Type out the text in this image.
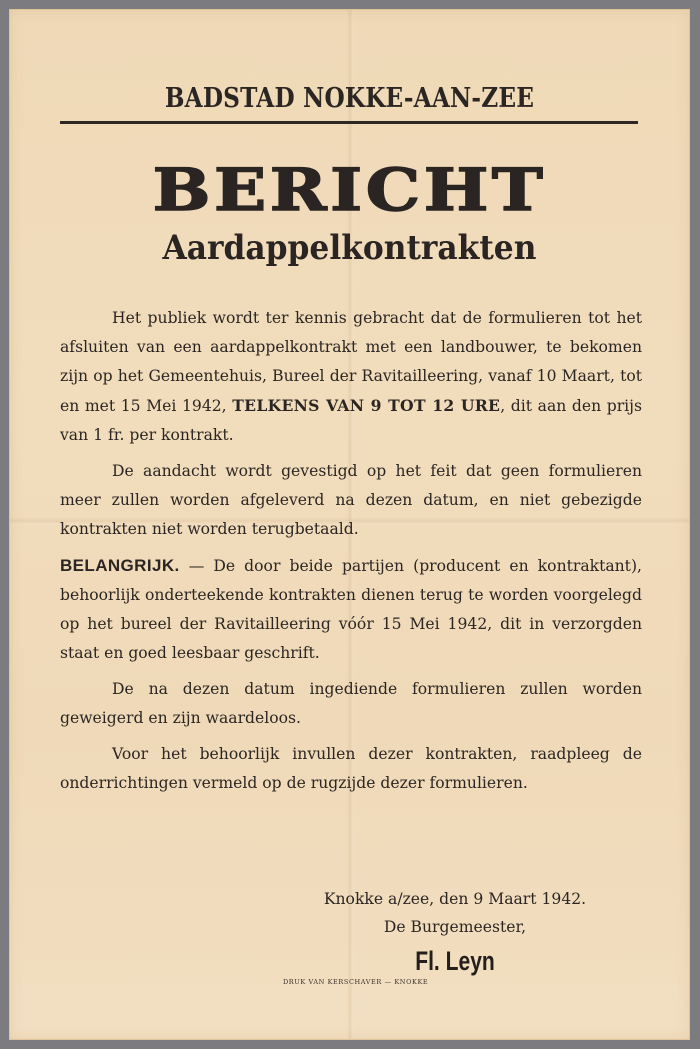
BADSTAD NOKKE-AAN-ZEE
BERICHT
Aardappelkontrakten

Het publiek wordt ter kennis gebracht dat de formulieren tot het afsluiten van een aardappelkontrakt met een landbouwer, te bekomen zijn op het Gemeentehuis, Bureel der Ravitailleering, vanaf 10 Maart, tot en met 15 Mei 1942, TELKENS VAN 9 TOT 12 URE, dit aan den prijs van 1 fr. per kontrakt.

De aandacht wordt gevestigd op het feit dat geen formulieren meer zullen worden afgeleverd na dezen datum, en niet gebezigde kontrakten niet worden terugbetaald.

BELANGRIJK. — De door beide partijen (producent en kontraktant), behoorlijk onderteekende kontrakten dienen terug te worden voorgelegd op het bureel der Ravitailleering vóór 15 Mei 1942, dit in verzorgden staat en goed leesbaar geschrift.

De na dezen datum ingediende formulieren zullen worden geweigerd en zijn waardeloos.

Voor het behoorlijk invullen dezer kontrakten, raadpleeg de onderrichtingen vermeld op de rugzijde dezer formulieren.

Knokke a/zee, den 9 Maart 1942.
De Burgemeester,
Fl. Leyn
DRUK VAN KERSCHAVER — KNOKKE
